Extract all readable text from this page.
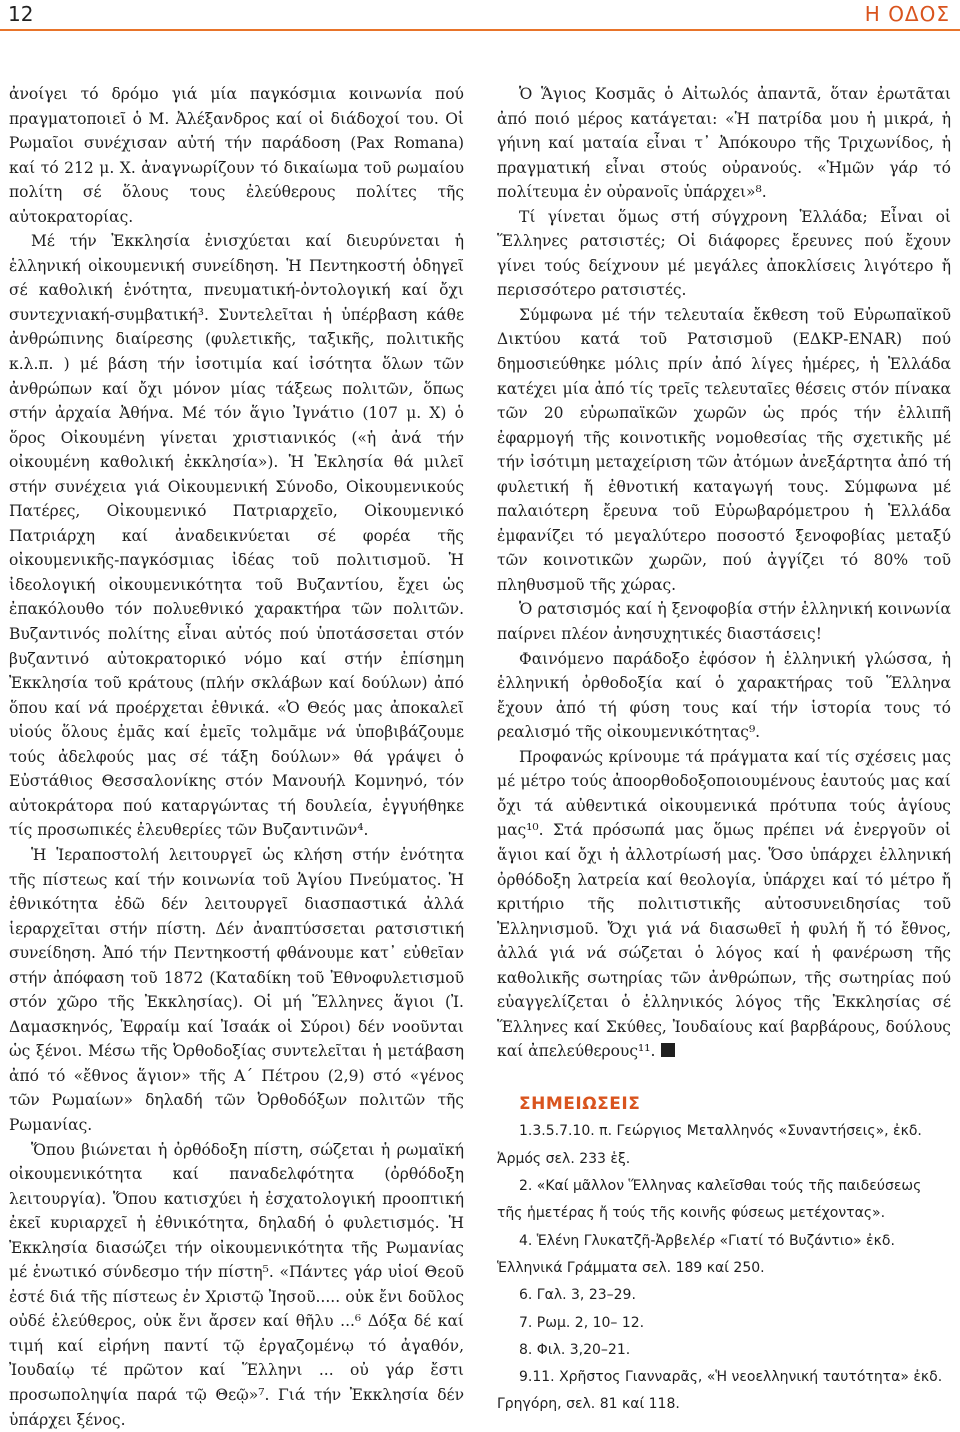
12	Η ΟΔΟΣ

ἀνοίγει τό δρόμο γιά μία παγκόσμια κοινωνία πού πραγματοποιεῖ ὁ Μ. Ἀλέξανδρος καί οἱ διάδοχοί του. Οἱ Ρωμαῖοι συνέχισαν αὐτή τήν παράδοση (Pax Romana) καί τό 212 μ. Χ. ἀναγνωρίζουν τό δικαίωμα τοῦ ρωμαίου πολίτη σέ ὅλους τους ἐλεύθερους πολίτες τῆς αὐτοκρατορίας.

Μέ τήν Ἐκκλησία ἐνισχύεται καί διευρύνεται ἡ ἑλληνική οἰκουμενική συνείδηση. Ἡ Πεντηκοστή ὁδηγεῖ σέ καθολική ἑνότητα, πνευματική-ὀντολογική καί ὄχι συντεχνιακή-συμβατική³. Συντελεῖται ἡ ὑπέρβαση κάθε ἀνθρώπινης διαίρεσης (φυλετικῆς, ταξικῆς, πολιτικῆς κ.λ.π. ) μέ βάση τήν ἰσοτιμία καί ἰσότητα ὅλων τῶν ἀνθρώπων καί ὄχι μόνον μίας τάξεως πολιτῶν, ὅπως στήν ἀρχαία Ἀθήνα. Μέ τόν ἅγιο Ἰγνάτιο (107 μ. Χ) ὁ ὅρος Οἰκουμένη γίνεται χριστιανικός («ἡ ἀνά τήν οἰκουμένη καθολική ἐκκλησία»). Ἡ Ἐκλησία θά μιλεῖ στήν συνέχεια γιά Οἰκουμενική Σύνοδο, Οἰκουμενικούς Πατέρες, Οἰκουμενικό Πατριαρχεῖο, Οἰκουμενικό Πατριάρχη καί ἀναδεικνύεται σέ φορέα τῆς οἰκουμενικῆς-παγκόσμιας ἰδέας τοῦ πολιτισμοῦ. Ἡ ἰδεολογική οἰκουμενικότητα τοῦ Βυζαντίου, ἔχει ὡς ἐπακόλουθο τόν πολυεθνικό χαρακτήρα τῶν πολιτῶν. Βυζαντινός πολίτης εἶναι αὐτός πού ὑποτάσσεται στόν βυζαντινό αὐτοκρατορικό νόμο καί στήν ἐπίσημη Ἐκκλησία τοῦ κράτους (πλήν σκλάβων καί δούλων) ἀπό ὅπου καί νά προέρχεται ἐθνικά. «Ὁ Θεός μας ἀποκαλεῖ υἱούς ὅλους ἐμᾶς καί ἐμεῖς τολμᾶμε νά ὑποβιβάζουμε τούς ἀδελφούς μας σέ τάξη δούλων» θά γράψει ὁ Εὐστάθιος Θεσσαλονίκης στόν Μανουήλ Κομνηνό, τόν αὐτοκράτορα πού καταργώντας τή δουλεία, ἐγγυήθηκε τίς προσωπικές ἐλευθερίες τῶν Βυζαντινῶν⁴.

Ἡ Ἱεραποστολή λειτουργεῖ ὡς κλήση στήν ἑνότητα τῆς πίστεως καί τήν κοινωνία τοῦ Ἁγίου Πνεύματος. Ἡ ἐθνικότητα ἐδῶ δέν λειτουργεῖ διασπαστικά ἀλλά ἱεραρχεῖται στήν πίστη. Δέν ἀναπτύσσεται ρατσιστική συνείδηση. Ἀπό τήν Πεντηκοστή φθάνουμε κατ᾽ εὐθεῖαν στήν ἀπόφαση τοῦ 1872 (Καταδίκη τοῦ Ἐθνοφυλετισμοῦ στόν χῶρο τῆς Ἐκκλησίας). Οἱ μή Ἕλληνες ἅγιοι (Ἰ. Δαμασκηνός, Ἐφραίμ καί Ἰσαάκ οἱ Σύροι) δέν νοοῦνται ὡς ξένοι. Μέσω τῆς Ὀρθοδοξίας συντελεῖται ἡ μετάβαση ἀπό τό «ἔθνος ἅγιον» τῆς Α΄ Πέτρου (2,9) στό «γένος τῶν Ρωμαίων» δηλαδή τῶν Ὀρθοδόξων πολιτῶν τῆς Ρωμανίας.

Ὅπου βιώνεται ἡ ὀρθόδοξη πίστη, σώζεται ἡ ρωμαϊκή οἰκουμενικότητα καί παναδελφότητα (ὀρθόδοξη λειτουργία). Ὅπου κατισχύει ἡ ἐσχατολογική προοπτική ἐκεῖ κυριαρχεῖ ἡ ἐθνικότητα, δηλαδή ὁ φυλετισμός. Ἡ Ἐκκλησία διασώζει τήν οἰκουμενικότητα τῆς Ρωμανίας μέ ἑνωτικό σύνδεσμο τήν πίστη⁵. «Πάντες γάρ υἱοί Θεοῦ ἐστέ διά τῆς πίστεως ἐν Χριστῷ Ἰησοῦ..... οὐκ ἔνι δοῦλος οὐδέ ἐλεύθερος, οὐκ ἔνι ἄρσεν καί θῆλυ ...⁶ Δόξα δέ καί τιμή καί εἰρήνη παντί τῷ ἐργαζομένῳ τό ἀγαθόν, Ἰουδαίῳ τέ πρῶτον καί Ἕλληνι ... οὐ γάρ ἔστι προσωποληψία παρά τῷ Θεῷ»⁷. Γιά τήν Ἐκκλησία δέν ὑπάρχει ξένος.

Ὁ Ἅγιος Κοσμᾶς ὁ Αἰτωλός ἀπαντᾶ, ὅταν ἐρωτᾶται ἀπό ποιό μέρος κατάγεται: «Ἡ πατρίδα μου ἡ μικρά, ἡ γήινη καί ματαία εἶναι τ᾽ Ἀπόκουρο τῆς Τριχωνίδος, ἡ πραγματική εἶναι στούς οὐρανούς. «Ἡμῶν γάρ τό πολίτευμα ἐν οὐρανοῖς ὑπάρχει»⁸.

Τί γίνεται ὅμως στή σύγχρονη Ἑλλάδα; Εἶναι οἱ Ἕλληνες ρατσιστές; Οἱ διάφορες ἔρευνες πού ἔχουν γίνει τούς δείχνουν μέ μεγάλες ἀποκλίσεις λιγότερο ἤ περισσότερο ρατσιστές.

Σύμφωνα μέ τήν τελευταία ἔκθεση τοῦ Εὐρωπαϊκοῦ Δικτύου κατά τοῦ Ρατσισμοῦ (ΕΔΚΡ-ENAR) πού δημοσιεύθηκε μόλις πρίν ἀπό λίγες ἡμέρες, ἡ Ἑλλάδα κατέχει μία ἀπό τίς τρεῖς τελευταῖες θέσεις στόν πίνακα τῶν 20 εὐρωπαϊκῶν χωρῶν ὡς πρός τήν ἐλλιπῆ ἐφαρμογή τῆς κοινοτικῆς νομοθεσίας τῆς σχετικῆς μέ τήν ἰσότιμη μεταχείριση τῶν ἀτόμων ἀνεξάρτητα ἀπό τή φυλετική ἤ ἐθνοτική καταγωγή τους. Σύμφωνα μέ παλαιότερη ἔρευνα τοῦ Εὐρωβαρόμετρου ἡ Ἑλλάδα ἐμφανίζει τό μεγαλύτερο ποσοστό ξενοφοβίας μεταξύ τῶν κοινοτικῶν χωρῶν, πού ἀγγίζει τό 80% τοῦ πληθυσμοῦ τῆς χώρας.

Ὁ ρατσισμός καί ἡ ξενοφοβία στήν ἑλληνική κοινωνία παίρνει πλέον ἀνησυχητικές διαστάσεις!

Φαινόμενο παράδοξο ἐφόσον ἡ ἑλληνική γλώσσα, ἡ ἑλληνική ὀρθοδοξία καί ὁ χαρακτήρας τοῦ Ἕλληνα ἔχουν ἀπό τή φύση τους καί τήν ἱστορία τους τό ρεαλισμό τῆς οἰκουμενικότητας⁹.

Προφανώς κρίνουμε τά πράγματα καί τίς σχέσεις μας μέ μέτρο τούς ἀποορθοδοξοποιουμένους ἑαυτούς μας καί ὄχι τά αὐθεντικά οἰκουμενικά πρότυπα τούς ἁγίους μας¹⁰. Στά πρόσωπά μας ὅμως πρέπει νά ἐνεργοῦν οἱ ἅγιοι καί ὄχι ἡ ἀλλοτρίωσή μας. Ὅσο ὑπάρχει ἑλληνική ὀρθόδοξη λατρεία καί θεολογία, ὑπάρχει καί τό μέτρο ἤ κριτήριο τῆς πολιτιστικῆς αὐτοσυνειδησίας τοῦ Ἑλληνισμοῦ. Ὄχι γιά νά διασωθεῖ ἡ φυλή ἤ τό ἔθνος, ἀλλά γιά νά σώζεται ὁ λόγος καί ἡ φανέρωση τῆς καθολικῆς σωτηρίας τῶν ἀνθρώπων, τῆς σωτηρίας πού εὐαγγελίζεται ὁ ἑλληνικός λόγος τῆς Ἐκκλησίας σέ Ἕλληνες καί Σκύθες, Ἰουδαίους καί βαρβάρους, δούλους καί ἀπελεύθερους¹¹.

ΣΗΜΕΙΩΣΕΙΣ

1.3.5.7.10. π. Γεώργιος Μεταλληνός «Συναντήσεις», ἐκδ. Ἁρμός σελ. 233 ἑξ.

2. «Καί μᾶλλον Ἕλληνας καλεῖσθαι τούς τῆς παιδεύσεως τῆς ἡμετέρας ἤ τούς τῆς κοινῆς φύσεως μετέχοντας».

4. Ἑλένη Γλυκατζῆ-Ἀρβελέρ «Γιατί τό Βυζάντιο» ἐκδ. Ἑλληνικά Γράμματα σελ. 189 καί 250.

6. Γαλ. 3, 23–29.

7. Ρωμ. 2, 10– 12.

8. Φιλ. 3,20–21.

9.11. Χρῆστος Γιανναρᾶς, «Ἡ νεοελληνική ταυτότητα» ἐκδ. Γρηγόρη, σελ. 81 καί 118.
